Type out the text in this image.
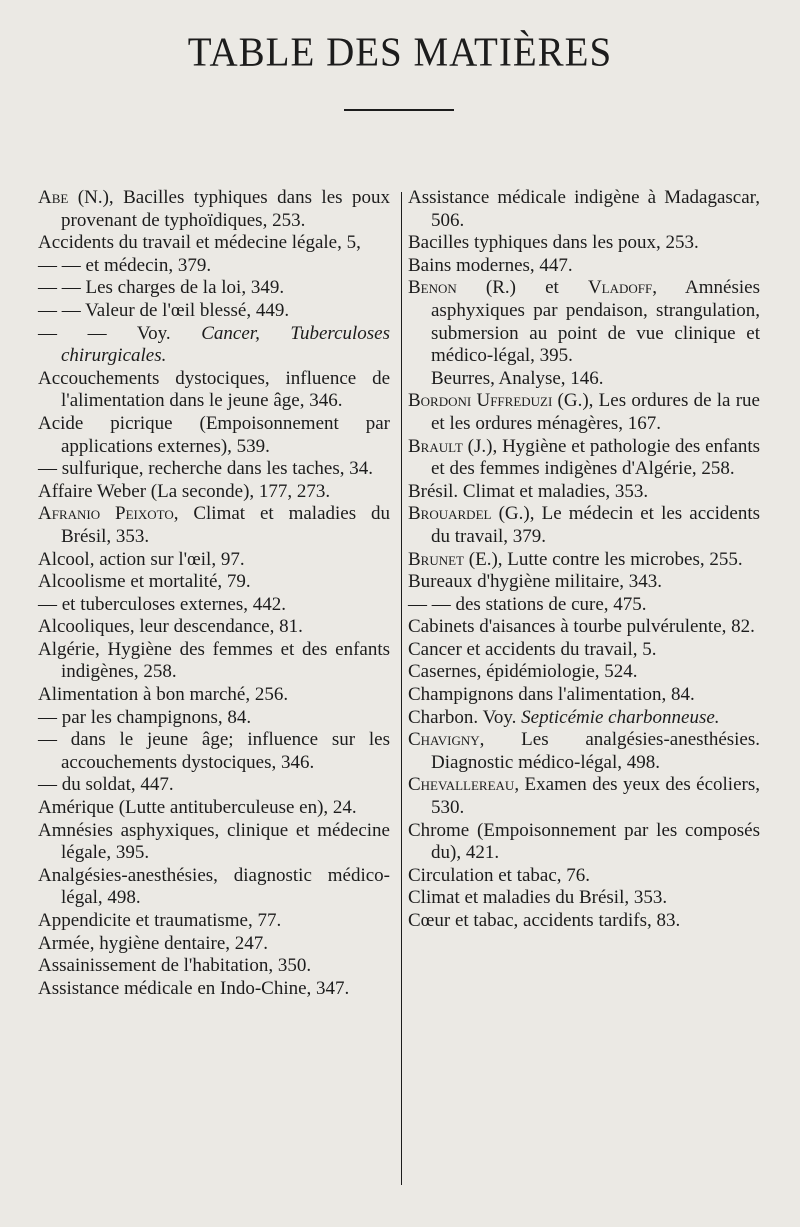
TABLE DES MATIÈRES
Abe (N.), Bacilles typhiques dans les poux provenant de typhoïdiques, 253.
Accidents du travail et médecine légale, 5,
— — et médecin, 379.
— — Les charges de la loi, 349.
— — Valeur de l'œil blessé, 449.
— — Voy. Cancer, Tuberculoses chirurgicales.
Accouchements dystociques, influence de l'alimentation dans le jeune âge, 346.
Acide picrique (Empoisonnement par applications externes), 539.
— sulfurique, recherche dans les taches, 34.
Affaire Weber (La seconde), 177, 273.
Afranio Peixoto, Climat et maladies du Brésil, 353.
Alcool, action sur l'œil, 97.
Alcoolisme et mortalité, 79.
— et tuberculoses externes, 442.
Alcooliques, leur descendance, 81.
Algérie, Hygiène des femmes et des enfants indigènes, 258.
Alimentation à bon marché, 256.
— par les champignons, 84.
— dans le jeune âge; influence sur les accouchements dystociques, 346.
— du soldat, 447.
Amérique (Lutte antituberculeuse en), 24.
Amnésies asphyxiques, clinique et médecine légale, 395.
Analgésies-anesthésies, diagnostic médico-légal, 498.
Appendicite et traumatisme, 77.
Armée, hygiène dentaire, 247.
Assainissement de l'habitation, 350.
Assistance médicale en Indo-Chine, 347.
Assistance médicale indigène à Madagascar, 506.
Bacilles typhiques dans les poux, 253.
Bains modernes, 447.
Benon (R.) et Vladoff, Amnésies asphyxiques par pendaison, strangulation, submersion au point de vue clinique et médico-légal, 395.
Beurres, Analyse, 146.
Bordoni Uffreduzi (G.), Les ordures de la rue et les ordures ménagères, 167.
Brault (J.), Hygiène et pathologie des enfants et des femmes indigènes d'Algérie, 258.
Brésil. Climat et maladies, 353.
Brouardel (G.), Le médecin et les accidents du travail, 379.
Brunet (E.), Lutte contre les microbes, 255.
Bureaux d'hygiène militaire, 343.
— — des stations de cure, 475.
Cabinets d'aisances à tourbe pulvérulente, 82.
Cancer et accidents du travail, 5.
Casernes, épidémiologie, 524.
Champignons dans l'alimentation, 84.
Charbon. Voy. Septicémie charbonneuse.
Chavigny, Les analgésies-anesthésies. Diagnostic médico-légal, 498.
Chevallereau, Examen des yeux des écoliers, 530.
Chrome (Empoisonnement par les composés du), 421.
Circulation et tabac, 76.
Climat et maladies du Brésil, 353.
Cœur et tabac, accidents tardifs, 83.
